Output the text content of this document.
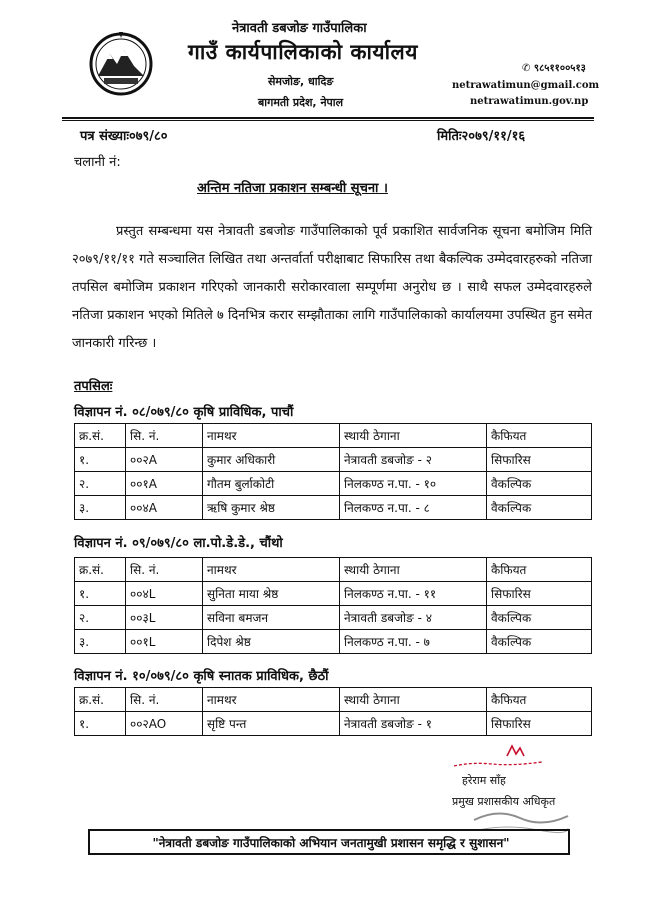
नेत्रावती डबजोङ गाउँपालिका
गाउँ कार्यपालिकाको कार्यालय
सेमजोङ, धादिङ
बागमती प्रदेश, नेपाल
✆ ९८५११००५१३
netrawatimun@gmail.com
netrawatimun.gov.np
पत्र संख्याः०७९/८०	मितिः२०७९/११/१६
चलानी नं:
अन्तिम नतिजा प्रकाशन सम्बन्धी सूचना ।
प्रस्तुत सम्बन्धमा यस नेत्रावती डबजोङ गाउँपालिकाको पूर्व प्रकाशित सार्वजनिक सूचना बमोजिम मिति २०७९/११/११ गते सञ्चालित लिखित तथा अन्तर्वार्ता परीक्षाबाट सिफारिस तथा बैकल्पिक उम्मेदवारहरुको नतिजा तपसिल बमोजिम प्रकाशन गरिएको जानकारी सरोकारवाला सम्पूर्णमा अनुरोध छ । साथै सफल उम्मेदवारहरुले नतिजा प्रकाशन भएको मितिले ७ दिनभित्र करार सम्झौताका लागि गाउँपालिकाको कार्यालयमा उपस्थित हुन समेत जानकारी गरिन्छ ।
तपसिलः
विज्ञापन नं. ०८/०७९/८० कृषि प्राविधिक, पाचौं
क्र.सं.	सि. नं.	नामथर	स्थायी ठेगाना	कैफियत
१.	००२A	कुमार अधिकारी	नेत्रावती डबजोङ - २	सिफारिस
२.	००१A	गौतम बुर्लाकोटी	निलकण्ठ न.पा. - १०	वैकल्पिक
३.	००४A	ऋषि कुमार श्रेष्ठ	निलकण्ठ न.पा. - ८	वैकल्पिक
विज्ञापन नं. ०९/०७९/८० ला.पो.डे.डे., चौंथो
क्र.सं.	सि. नं.	नामथर	स्थायी ठेगाना	कैफियत
१.	००४L	सुनिता माया श्रेष्ठ	निलकण्ठ न.पा. - ११	सिफारिस
२.	००३L	सविना बमजन	नेत्रावती डबजोङ - ४	वैकल्पिक
३.	००१L	दिपेश श्रेष्ठ	निलकण्ठ न.पा. - ७	वैकल्पिक
विज्ञापन नं. १०/०७९/८० कृषि स्नातक प्राविधिक, छैठौं
क्र.सं.	सि. नं.	नामथर	स्थायी ठेगाना	कैफियत
१.	००२AO	सृष्टि पन्त	नेत्रावती डबजोङ - १	सिफारिस
हरेराम साँह
प्रमुख प्रशासकीय अधिकृत
"नेत्रावती डबजोङ गाउँपालिकाको अभियान जनतामुखी प्रशासन समृद्धि र सुशासन"
